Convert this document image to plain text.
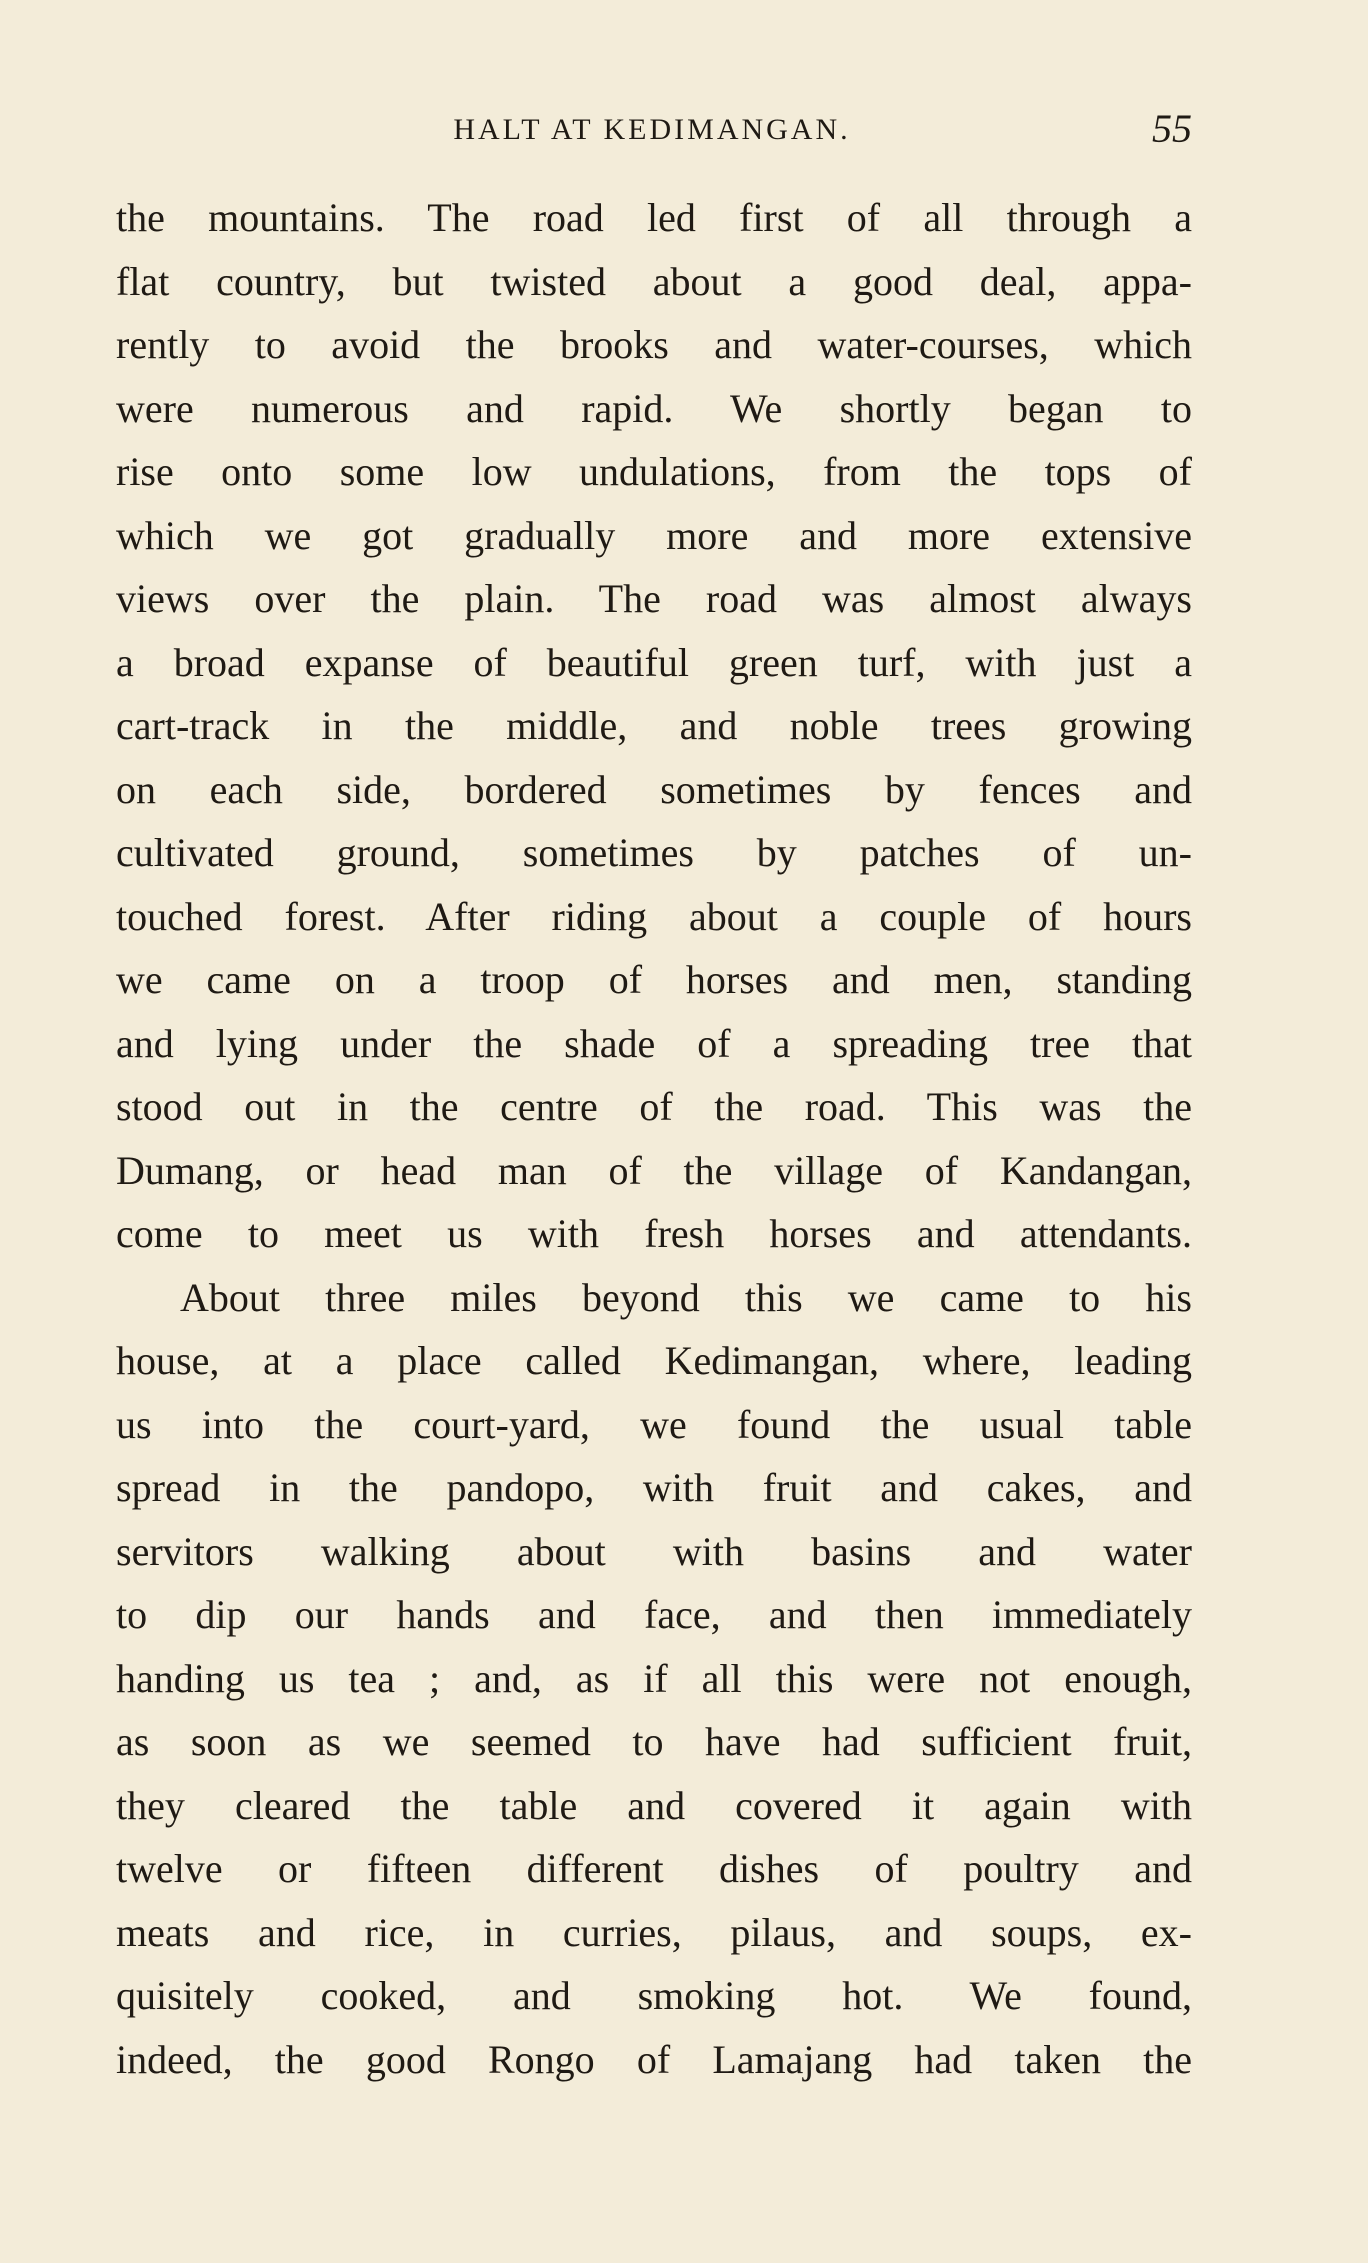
HALT AT KEDIMANGAN.	55
the mountains. The road led first of all through a
flat country, but twisted about a good deal, appa-
rently to avoid the brooks and water-courses, which
were numerous and rapid. We shortly began to
rise onto some low undulations, from the tops of
which we got gradually more and more extensive
views over the plain. The road was almost always
a broad expanse of beautiful green turf, with just a
cart-track in the middle, and noble trees growing
on each side, bordered sometimes by fences and
cultivated ground, sometimes by patches of un-
touched forest. After riding about a couple of hours
we came on a troop of horses and men, standing
and lying under the shade of a spreading tree that
stood out in the centre of the road. This was the
Dumang, or head man of the village of Kandangan,
come to meet us with fresh horses and attendants.
About three miles beyond this we came to his
house, at a place called Kedimangan, where, leading
us into the court-yard, we found the usual table
spread in the pandopo, with fruit and cakes, and
servitors walking about with basins and water
to dip our hands and face, and then immediately
handing us tea ; and, as if all this were not enough,
as soon as we seemed to have had sufficient fruit,
they cleared the table and covered it again with
twelve or fifteen different dishes of poultry and
meats and rice, in curries, pilaus, and soups, ex-
quisitely cooked, and smoking hot. We found,
indeed, the good Rongo of Lamajang had taken the
